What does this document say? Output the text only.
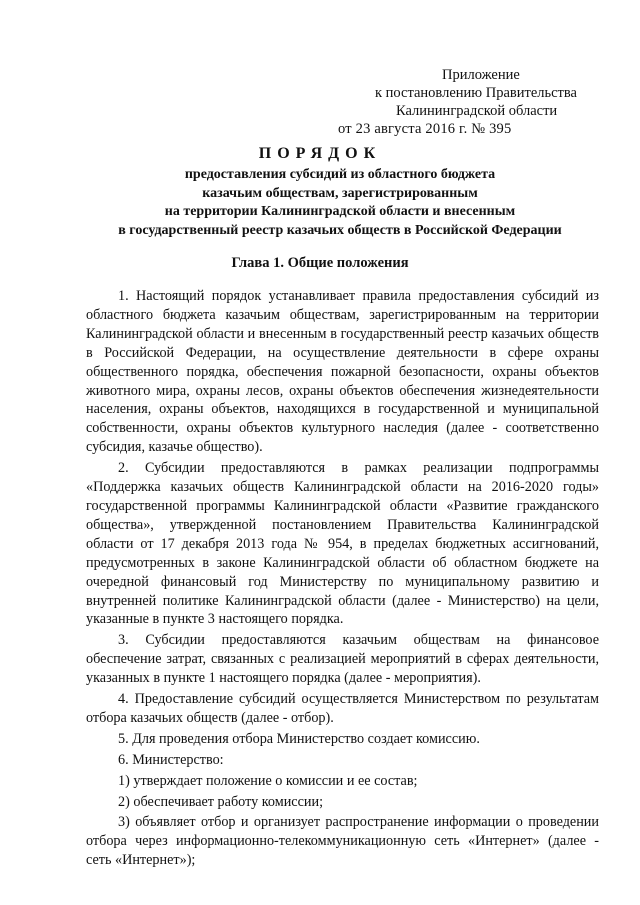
Приложение
к постановлению Правительства
Калининградской области
от 23 августа 2016 г. № 395
ПОРЯДОК
предоставления субсидий из областного бюджета
казачьим обществам, зарегистрированным
на территории Калининградской области и внесенным
в государственный реестр казачьих обществ в Российской Федерации
Глава 1. Общие положения

1. Настоящий порядок устанавливает правила предоставления субсидий из областного бюджета казачьим обществам, зарегистрированным на территории Калининградской области и внесенным в государственный реестр казачьих обществ в Российской Федерации, на осуществление деятельности в сфере охраны общественного порядка, обеспечения пожарной безопасности, охраны объектов животного мира, охраны лесов, охраны объектов обеспечения жизнедеятельности населения, охраны объектов, находящихся в государственной и муниципальной собственности, охраны объектов культурного наследия (далее - соответственно субсидия, казачье общество).

2. Субсидии предоставляются в рамках реализации подпрограммы «Поддержка казачьих обществ Калининградской области на 2016-2020 годы» государственной программы Калининградской области «Развитие гражданского общества», утвержденной постановлением Правительства Калининградской области от 17 декабря 2013 года № 954, в пределах бюджетных ассигнований, предусмотренных в законе Калининградской области об областном бюджете на очередной финансовый год Министерству по муниципальному развитию и внутренней политике Калининградской области (далее - Министерство) на цели, указанные в пункте 3 настоящего порядка.

3. Субсидии предоставляются казачьим обществам на финансовое обеспечение затрат, связанных с реализацией мероприятий в сферах деятельности, указанных в пункте 1 настоящего порядка (далее - мероприятия).

4. Предоставление субсидий осуществляется Министерством по результатам отбора казачьих обществ (далее - отбор).

5. Для проведения отбора Министерство создает комиссию.

6. Министерство:

1) утверждает положение о комиссии и ее состав;

2) обеспечивает работу комиссии;

3) объявляет отбор и организует распространение информации о проведении отбора через информационно-телекоммуникационную сеть «Интернет» (далее - сеть «Интернет»);
